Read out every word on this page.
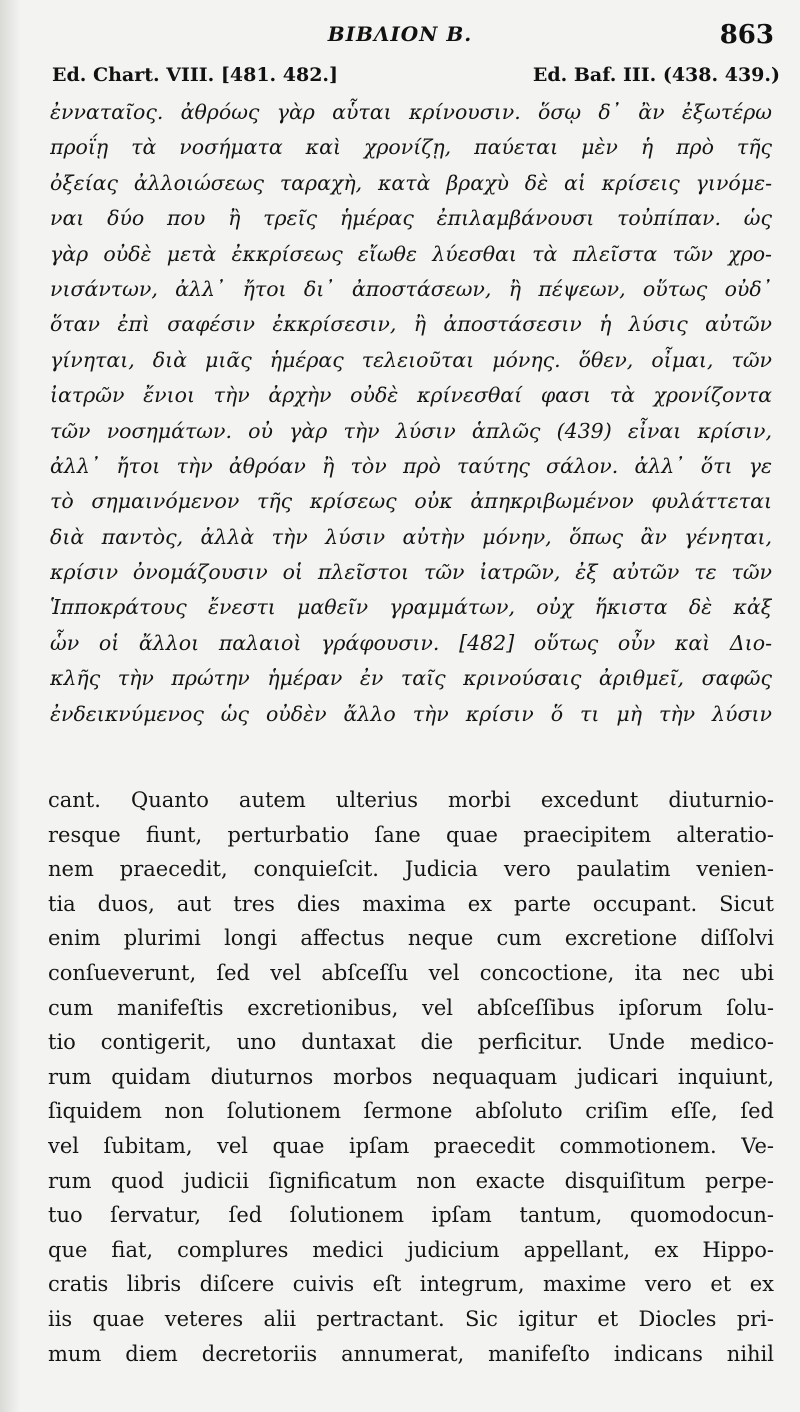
ΒΙΒΛΙΟΝ Β.	863
Ed. Chart. VIII. [481. 482.]	Ed. Baf. III. (438. 439.)
ἐνναταῖος. ἀθρόως γὰρ αὗται κρίνουσιν. ὅσῳ δ᾽ ἂν ἐξωτέρω
προΐῃ τὰ νοσήματα καὶ χρονίζῃ, παύεται μὲν ἡ πρὸ τῆς
ὀξείας ἀλλοιώσεως ταραχὴ, κατὰ βραχὺ δὲ αἱ κρίσεις γινόμε-
ναι δύο που ἢ τρεῖς ἡμέρας ἐπιλαμβάνουσι τοὐπίπαν. ὡς
γὰρ οὐδὲ μετὰ ἐκκρίσεως εἴωθε λύεσθαι τὰ πλεῖστα τῶν χρο-
νισάντων, ἀλλ᾽ ἤτοι δι᾽ ἀποστάσεων, ἢ πέψεων, οὕτως οὐδ᾽
ὅταν ἐπὶ σαφέσιν ἐκκρίσεσιν, ἢ ἀποστάσεσιν ἡ λύσις αὐτῶν
γίνηται, διὰ μιᾶς ἡμέρας τελειοῦται μόνης. ὅθεν, οἶμαι, τῶν
ἰατρῶν ἔνιοι τὴν ἀρχὴν οὐδὲ κρίνεσθαί φασι τὰ χρονίζοντα
τῶν νοσημάτων. οὐ γὰρ τὴν λύσιν ἁπλῶς (439) εἶναι κρίσιν,
ἀλλ᾽ ἤτοι τὴν ἀθρόαν ἢ τὸν πρὸ ταύτης σάλον. ἀλλ᾽ ὅτι γε
τὸ σημαινόμενον τῆς κρίσεως οὐκ ἀπηκριβωμένον φυλάττεται
διὰ παντὸς, ἀλλὰ τὴν λύσιν αὐτὴν μόνην, ὅπως ἂν γένηται,
κρίσιν ὀνομάζουσιν οἱ πλεῖστοι τῶν ἰατρῶν, ἐξ αὐτῶν τε τῶν
Ἱπποκράτους ἔνεστι μαθεῖν γραμμάτων, οὐχ ἥκιστα δὲ κἀξ
ὧν οἱ ἄλλοι παλαιοὶ γράφουσιν. [482] οὕτως οὖν καὶ Διο-
κλῆς τὴν πρώτην ἡμέραν ἐν ταῖς κρινούσαις ἀριθμεῖ, σαφῶς
ἐνδεικνύμενος ὡς οὐδὲν ἄλλο τὴν κρίσιν ὅ τι μὴ τὴν λύσιν
cant. Quanto autem ulterius morbi excedunt diuturnio-
resque fiunt, perturbatio ſane quae praecipitem alteratio-
nem praecedit, conquieſcit. Judicia vero paulatim venien-
tia duos, aut tres dies maxima ex parte occupant. Sicut
enim plurimi longi affectus neque cum excretione diſſolvi
conſueverunt, ſed vel abſceſſu vel concoctione, ita nec ubi
cum manifeſtis excretionibus, vel abſceſſibus ipſorum ſolu-
tio contigerit, uno duntaxat die perficitur. Unde medico-
rum quidam diuturnos morbos nequaquam judicari inquiunt,
ſiquidem non ſolutionem ſermone abſoluto criſim eſſe, ſed
vel ſubitam, vel quae ipſam praecedit commotionem. Ve-
rum quod judicii ſignificatum non exacte disquiſitum perpe-
tuo ſervatur, ſed ſolutionem ipſam tantum, quomodocun-
que fiat, complures medici judicium appellant, ex Hippo-
cratis libris diſcere cuivis eſt integrum, maxime vero et ex
iis quae veteres alii pertractant. Sic igitur et Diocles pri-
mum diem decretoriis annumerat, manifeſto indicans nihil
